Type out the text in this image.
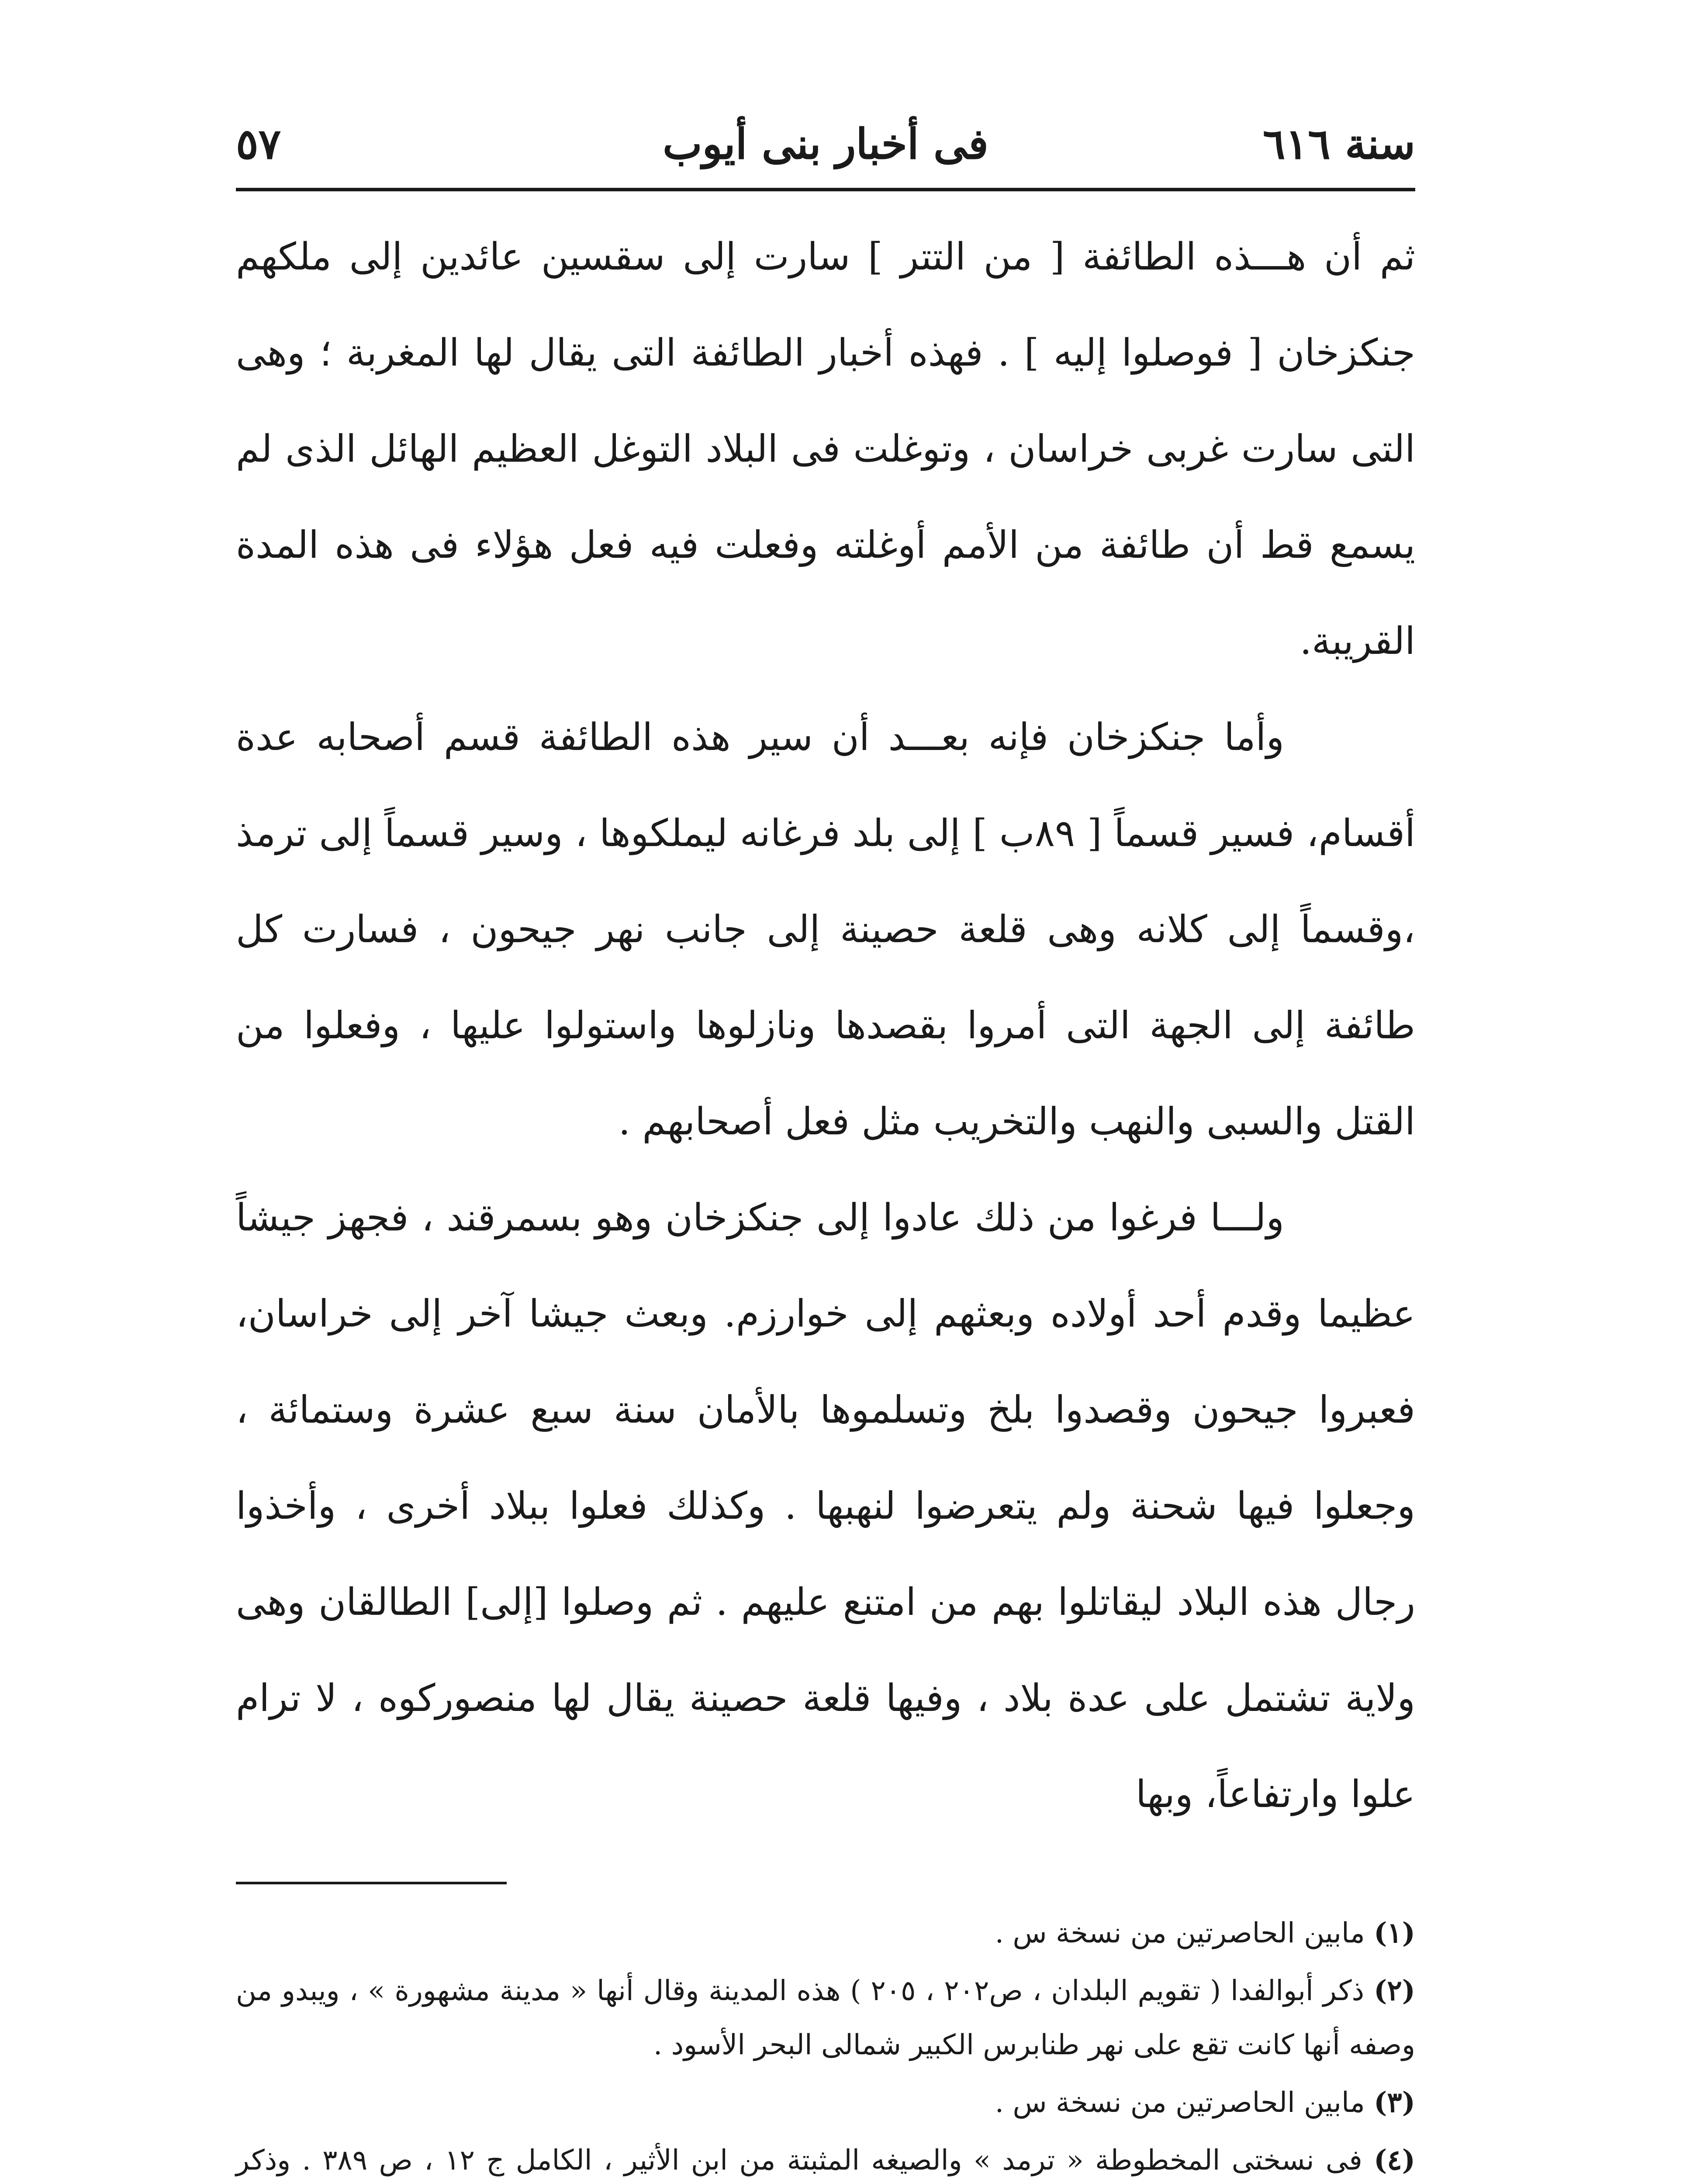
سنة ٦١٦
فى أخبار بنى أيوب
٥٧

ثم أن هـــذه الطائفة [ من التتر ] سارت إلى سقسين عائدين إلى ملكهم جنكزخان [ فوصلوا إليه ] . فهذه أخبار الطائفة التى يقال لها المغربة ؛ وهى التى سارت غربى خراسان ، وتوغلت فى البلاد التوغل العظيم الهائل الذى لم يسمع قط أن طائفة من الأمم أوغلته وفعلت فيه فعل هؤلاء فى هذه المدة القريبة.

وأما جنكزخان فإنه بعـــد أن سير هذه الطائفة قسم أصحابه عدة أقسام، فسير قسماً [ ٨٩ب ] إلى بلد فرغانه ليملكوها ، وسير قسماً إلى ترمذ ،وقسماً إلى كلانه وهى قلعة حصينة إلى جانب نهر جيحون ، فسارت كل طائفة إلى الجهة التى أمروا بقصدها ونازلوها واستولوا عليها ، وفعلوا من القتل والسبى والنهب والتخريب مثل فعل أصحابهم .

ولـــا فرغوا من ذلك عادوا إلى جنكزخان وهو بسمرقند ، فجهز جيشاً عظيما وقدم أحد أولاده وبعثهم إلى خوارزم. وبعث جيشا آخر إلى خراسان، فعبروا جيحون وقصدوا بلخ وتسلموها بالأمان سنة سبع عشرة وستمائة ، وجعلوا فيها شحنة ولم يتعرضوا لنهبها . وكذلك فعلوا ببلاد أخرى ، وأخذوا رجال هذه البلاد ليقاتلوا بهم من امتنع عليهم . ثم وصلوا [إلى] الطالقان وهى ولاية تشتمل على عدة بلاد ، وفيها قلعة حصينة يقال لها منصوركوه ، لا ترام علوا وارتفاعاً، وبها

(١) مابين الحاصرتين من نسخة س .
(٢) ذكر أبوالفدا ( تقويم البلدان ، ص٢٠٢ ، ٢٠٥ ) هذه المدينة وقال أنها « مدينة مشهورة » ، ويبدو من وصفه أنها كانت تقع على نهر طنابرس الكبير شمالى البحر الأسود .
(٣) مابين الحاصرتين من نسخة س .
(٤) فى نسختى المخطوطة « ترمد » والصيغه المثبتة من ابن الأثير ، الكامل ج ١٢ ، ص ٣٨٩ . وذكر
